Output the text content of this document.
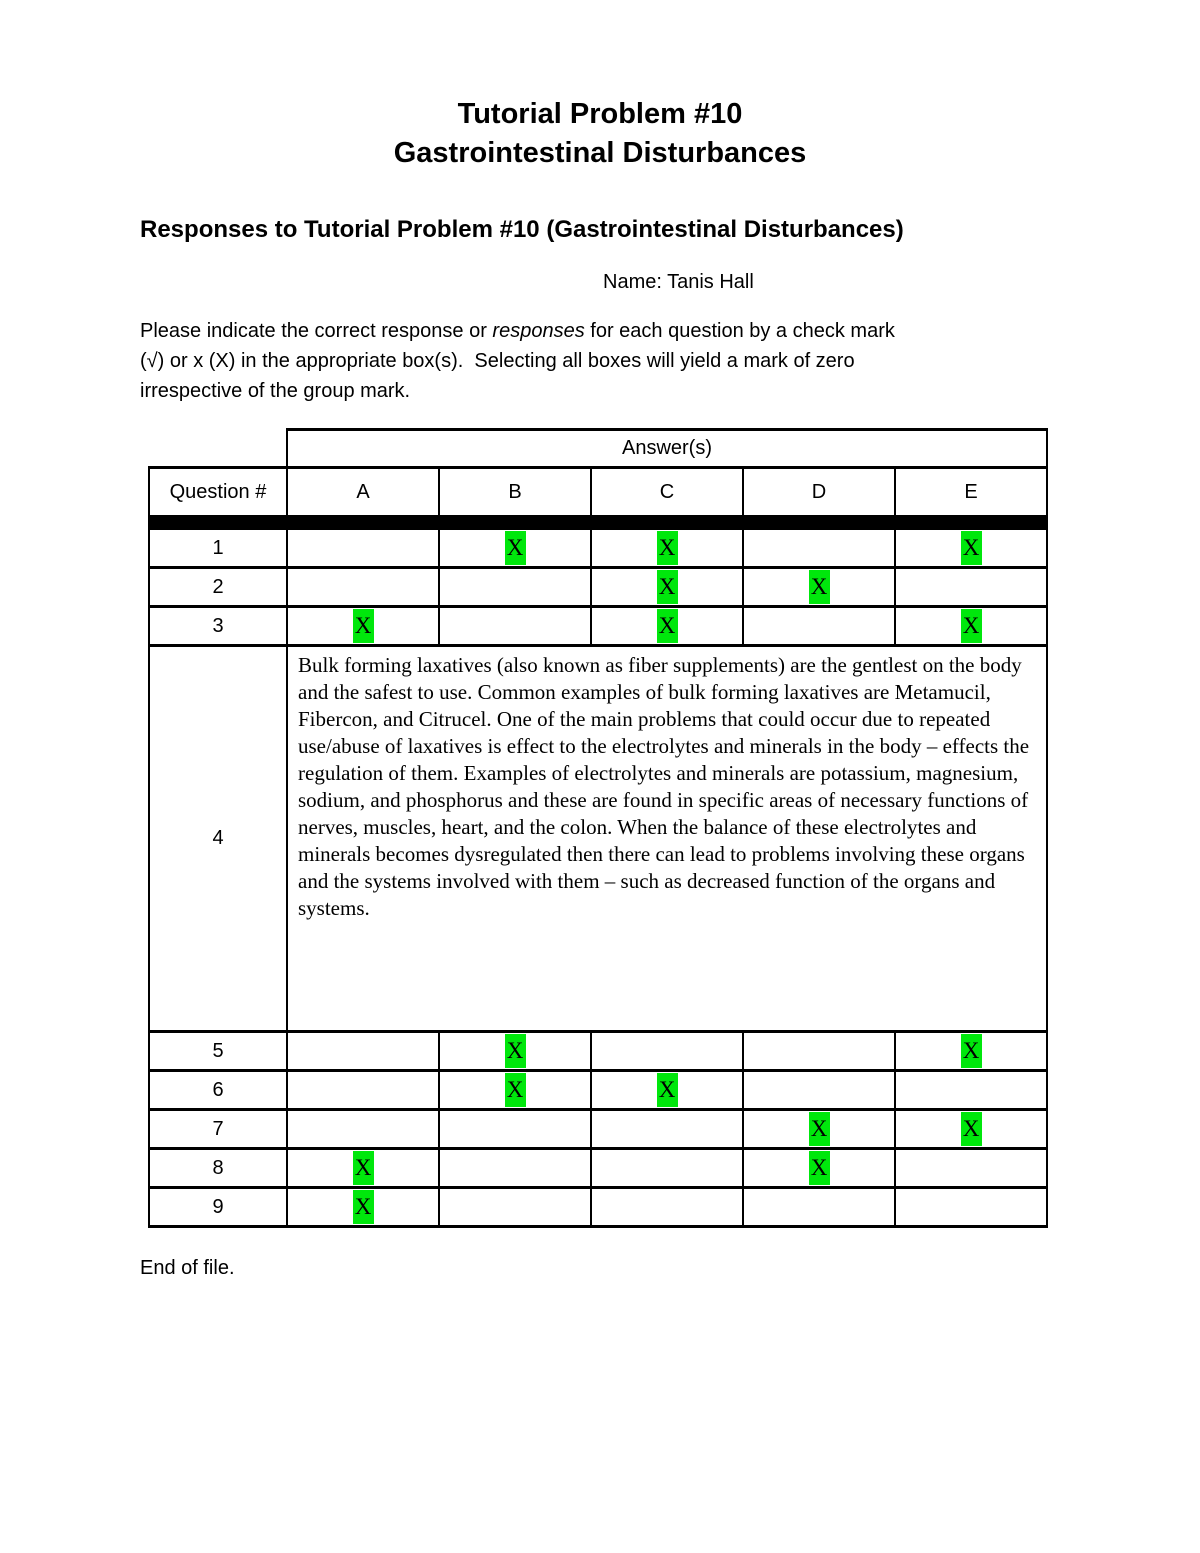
Tutorial Problem #10
Gastrointestinal Disturbances
Responses to Tutorial Problem #10 (Gastrointestinal Disturbances)
Name: Tanis Hall
Please indicate the correct response or responses for each question by a check mark
(√) or x (X) in the appropriate box(s).  Selecting all boxes will yield a mark of zero
irrespective of the group mark.
	Answer(s)				
Question #	A	B	C	D	E

1		X	X		X
2			X	X	
3	X		X		X
4	Bulk forming laxatives (also known as fiber supplements) are the gentlest on the body and the safest to use. Common examples of bulk forming laxatives are Metamucil, Fibercon, and Citrucel. One of the main problems that could occur due to repeated use/abuse of laxatives is effect to the electrolytes and minerals in the body – effects the regulation of them. Examples of electrolytes and minerals are potassium, magnesium, sodium, and phosphorus and these are found in specific areas of necessary functions of nerves, muscles, heart, and the colon. When the balance of these electrolytes and minerals becomes dysregulated then there can lead to problems involving these organs and the systems involved with them – such as decreased function of the organs and systems.				
5		X			X
6		X	X		
7				X	X
8	X			X	
9	X				
End of file.
